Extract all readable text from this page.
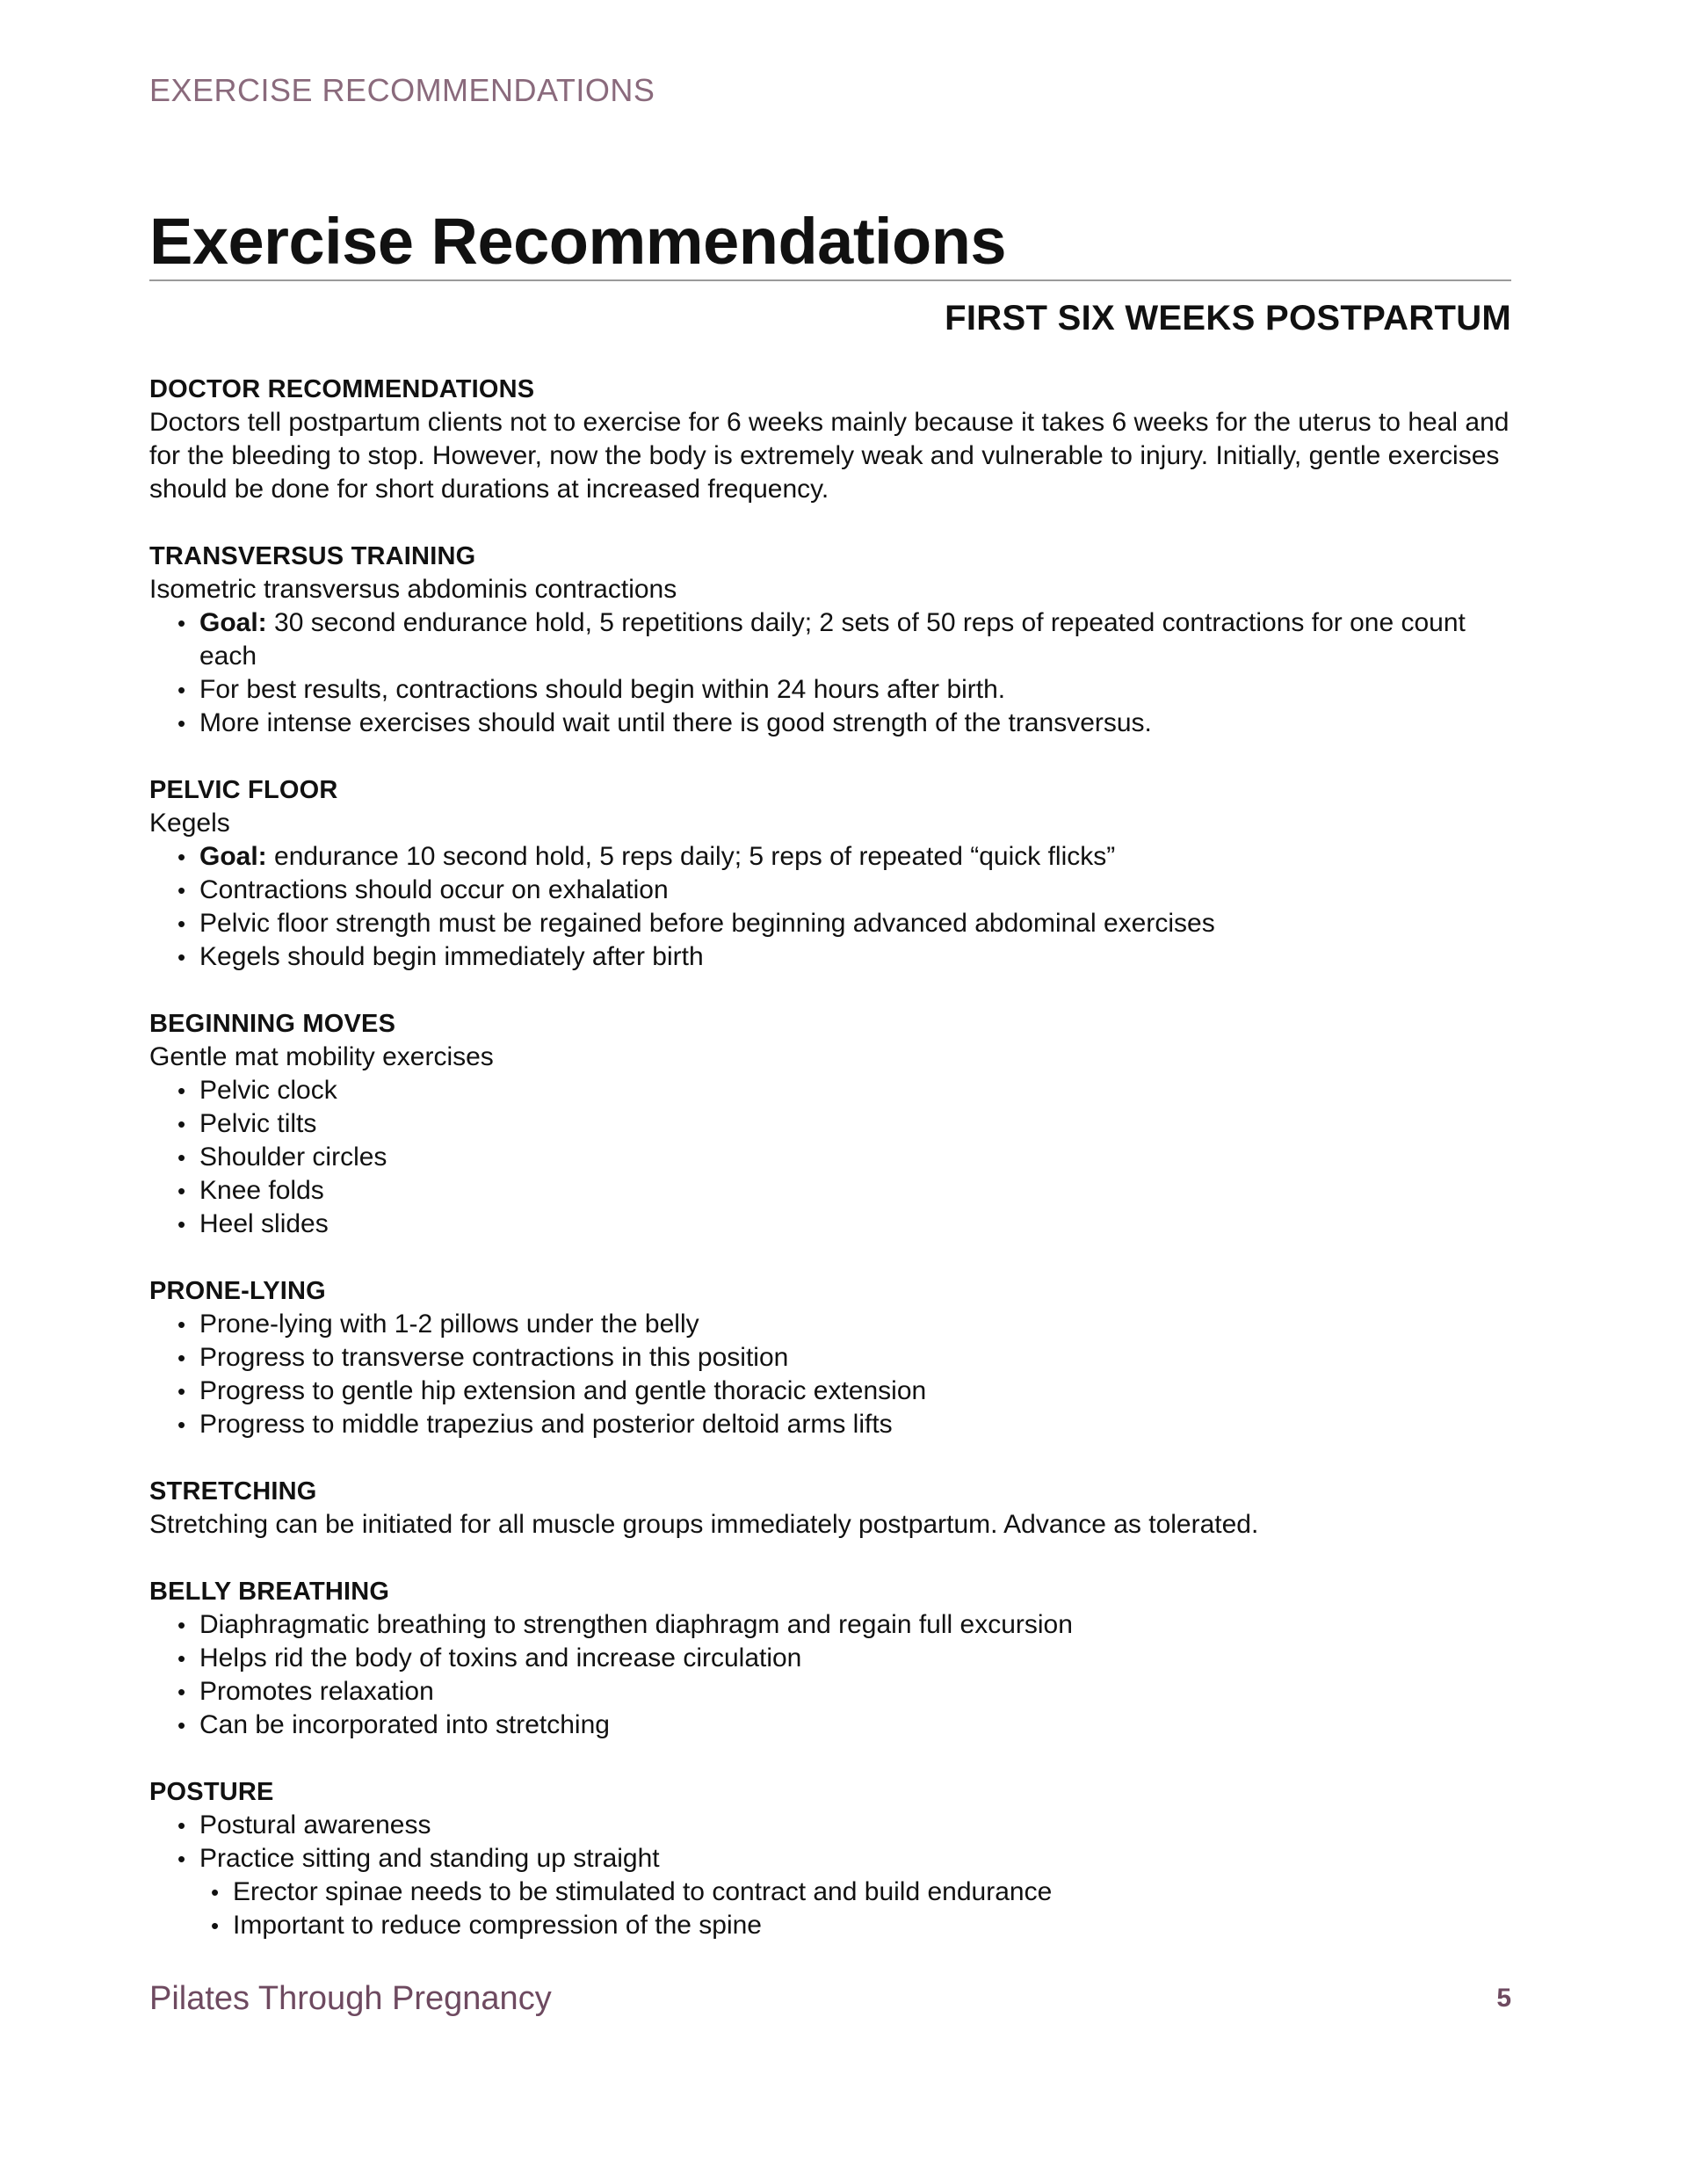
EXERCISE RECOMMENDATIONS
Exercise Recommendations
FIRST SIX WEEKS POSTPARTUM
DOCTOR RECOMMENDATIONS
Doctors tell postpartum clients not to exercise for 6 weeks mainly because it takes 6 weeks for the uterus to heal and for the bleeding to stop. However, now the body is extremely weak and vulnerable to injury. Initially, gentle exercises should be done for short durations at increased frequency.
TRANSVERSUS TRAINING
Isometric transversus abdominis contractions
• Goal: 30 second endurance hold, 5 repetitions daily; 2 sets of 50 reps of repeated contractions for one count each
• For best results, contractions should begin within 24 hours after birth.
• More intense exercises should wait until there is good strength of the transversus.
PELVIC FLOOR
Kegels
• Goal: endurance 10 second hold, 5 reps daily; 5 reps of repeated “quick flicks”
• Contractions should occur on exhalation
• Pelvic floor strength must be regained before beginning advanced abdominal exercises
• Kegels should begin immediately after birth
BEGINNING MOVES
Gentle mat mobility exercises
• Pelvic clock
• Pelvic tilts
• Shoulder circles
• Knee folds
• Heel slides
PRONE-LYING
• Prone-lying with 1-2 pillows under the belly
• Progress to transverse contractions in this position
• Progress to gentle hip extension and gentle thoracic extension
• Progress to middle trapezius and posterior deltoid arms lifts
STRETCHING
Stretching can be initiated for all muscle groups immediately postpartum. Advance as tolerated.
BELLY BREATHING
• Diaphragmatic breathing to strengthen diaphragm and regain full excursion
• Helps rid the body of toxins and increase circulation
• Promotes relaxation
• Can be incorporated into stretching
POSTURE
• Postural awareness
• Practice sitting and standing up straight
• Erector spinae needs to be stimulated to contract and build endurance
• Important to reduce compression of the spine
Pilates Through Pregnancy	5
